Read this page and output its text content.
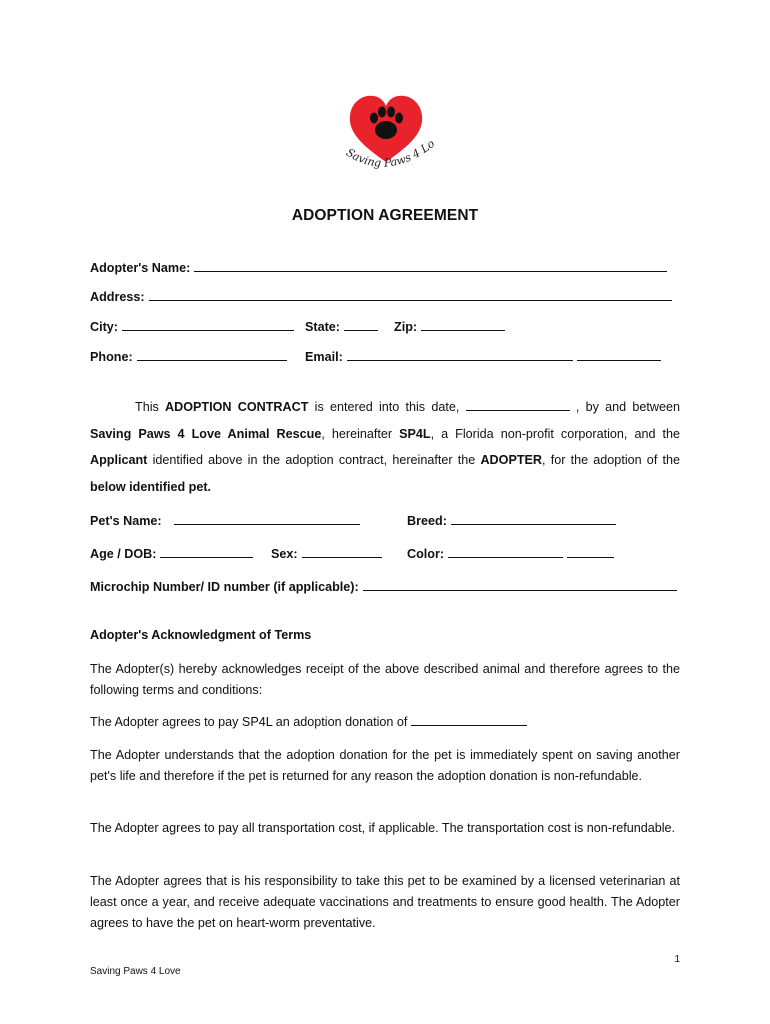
Saving Paws 4 Lo
ADOPTION AGREEMENT
Adopter's Name:
Address:
City:	State:	Zip:
Phone:	Email:
This ADOPTION CONTRACT is entered into this date,	, by and between Saving Paws 4 Love Animal Rescue, hereinafter SP4L, a Florida non-profit corporation, and the Applicant identified above in the adoption contract, hereinafter the ADOPTER, for the adoption of the below identified pet.
Pet's Name:	Breed:
Age / DOB:	Sex:	Color:
Microchip Number/ ID number (if applicable):
Adopter's Acknowledgment of Terms
The Adopter(s) hereby acknowledges receipt of the above described animal and therefore agrees to the following terms and conditions:
The Adopter agrees to pay SP4L an adoption donation of
The Adopter understands that the adoption donation for the pet is immediately spent on saving another pet's life and therefore if the pet is returned for any reason the adoption donation is non-refundable.
The Adopter agrees to pay all transportation cost, if applicable. The transportation cost is non-refundable.
The Adopter agrees that is his responsibility to take this pet to be examined by a licensed veterinarian at least once a year, and receive adequate vaccinations and treatments to ensure good health. The Adopter agrees to have the pet on heart-worm preventative.
1
Saving Paws 4 Love
